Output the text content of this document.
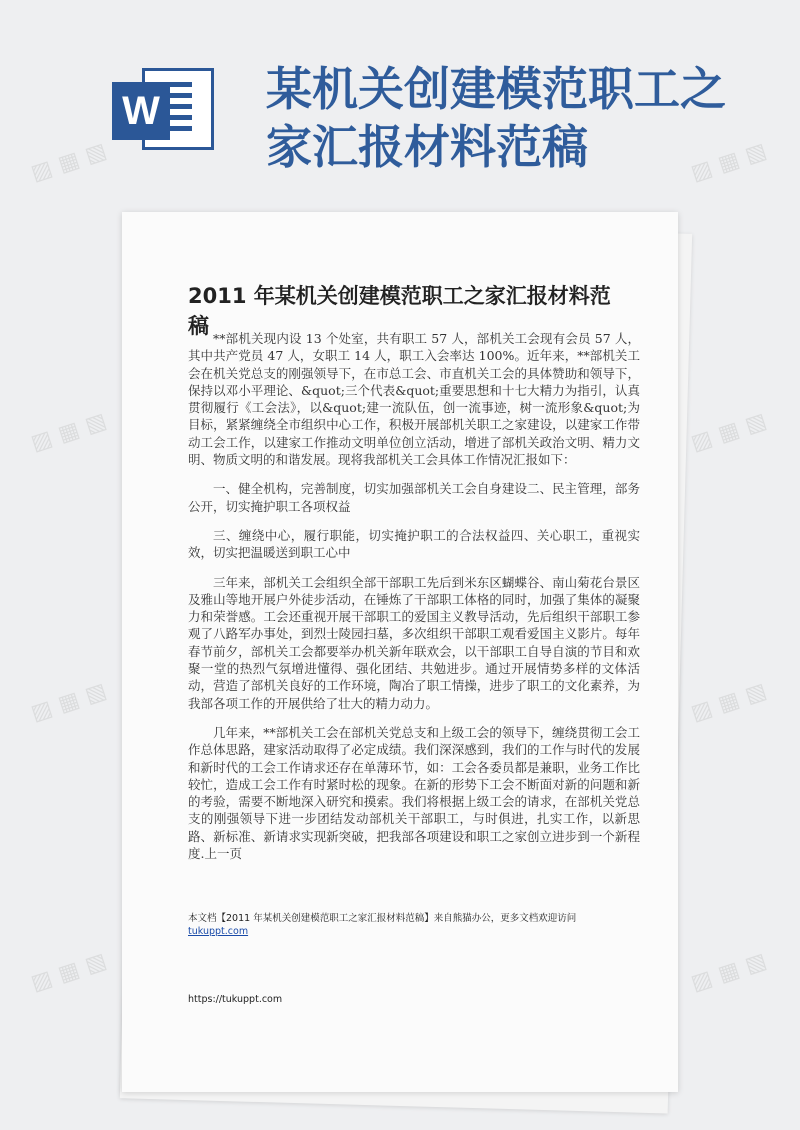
W 某机关创建模范职工之家汇报材料范稿
2011 年某机关创建模范职工之家汇报材料范稿

**部机关现内设 13 个处室，共有职工 57 人，部机关工会现有会员 57 人，其中共产党员 47 人，女职工 14 人，职工入会率达 100%。近年来，**部机关工会在机关党总支的刚强领导下，在市总工会、市直机关工会的具体赞助和领导下，保持以邓小平理论、&quot;三个代表&quot;重要思想和十七大精力为指引，认真贯彻履行《工会法》，以&quot;建一流队伍，创一流事迹，树一流形象&quot;为目标，紧紧缠绕全市组织中心工作，积极开展部机关职工之家建设，以建家工作带动工会工作，以建家工作推动文明单位创立活动，增进了部机关政治文明、精力文明、物质文明的和谐发展。现将我部机关工会具体工作情况汇报如下：

一、健全机构，完善制度，切实加强部机关工会自身建设二、民主管理，部务公开，切实掩护职工各项权益

三、缠绕中心，履行职能，切实掩护职工的合法权益四、关心职工，重视实效，切实把温暖送到职工心中

三年来，部机关工会组织全部干部职工先后到米东区蝴蝶谷、南山菊花台景区及雅山等地开展户外徒步活动，在锤炼了干部职工体格的同时，加强了集体的凝聚力和荣誉感。工会还重视开展干部职工的爱国主义教导活动，先后组织干部职工参观了八路军办事处，到烈士陵园扫墓，多次组织干部职工观看爱国主义影片。每年春节前夕，部机关工会都要举办机关新年联欢会，以干部职工自导自演的节目和欢聚一堂的热烈气氛增进懂得、强化团结、共勉进步。通过开展情势多样的文体活动，营造了部机关良好的工作环境，陶冶了职工情操，进步了职工的文化素养，为我部各项工作的开展供给了壮大的精力动力。

几年来，**部机关工会在部机关党总支和上级工会的领导下，缠绕贯彻工会工作总体思路，建家活动取得了必定成绩。我们深深感到，我们的工作与时代的发展和新时代的工会工作请求还存在单薄环节，如：工会各委员都是兼职，业务工作比较忙，造成工会工作有时紧时松的现象。在新的形势下工会不断面对新的问题和新的考验，需要不断地深入研究和摸索。我们将根据上级工会的请求，在部机关党总支的刚强领导下进一步团结发动部机关干部职工，与时俱进，扎实工作，以新思路、新标准、新请求实现新突破，把我部各项建设和职工之家创立进步到一个新程度.上一页

本文档【2011 年某机关创建模范职工之家汇报材料范稿】来自熊猫办公，更多文档欢迎访问
tukuppt.com
https://tukuppt.com
▨ ▦ ▧	▨ ▦ ▧
▨ ▦ ▧	▨ ▦ ▧
▨ ▦ ▧	▨ ▦ ▧
▨ ▦ ▧	▨ ▦ ▧
